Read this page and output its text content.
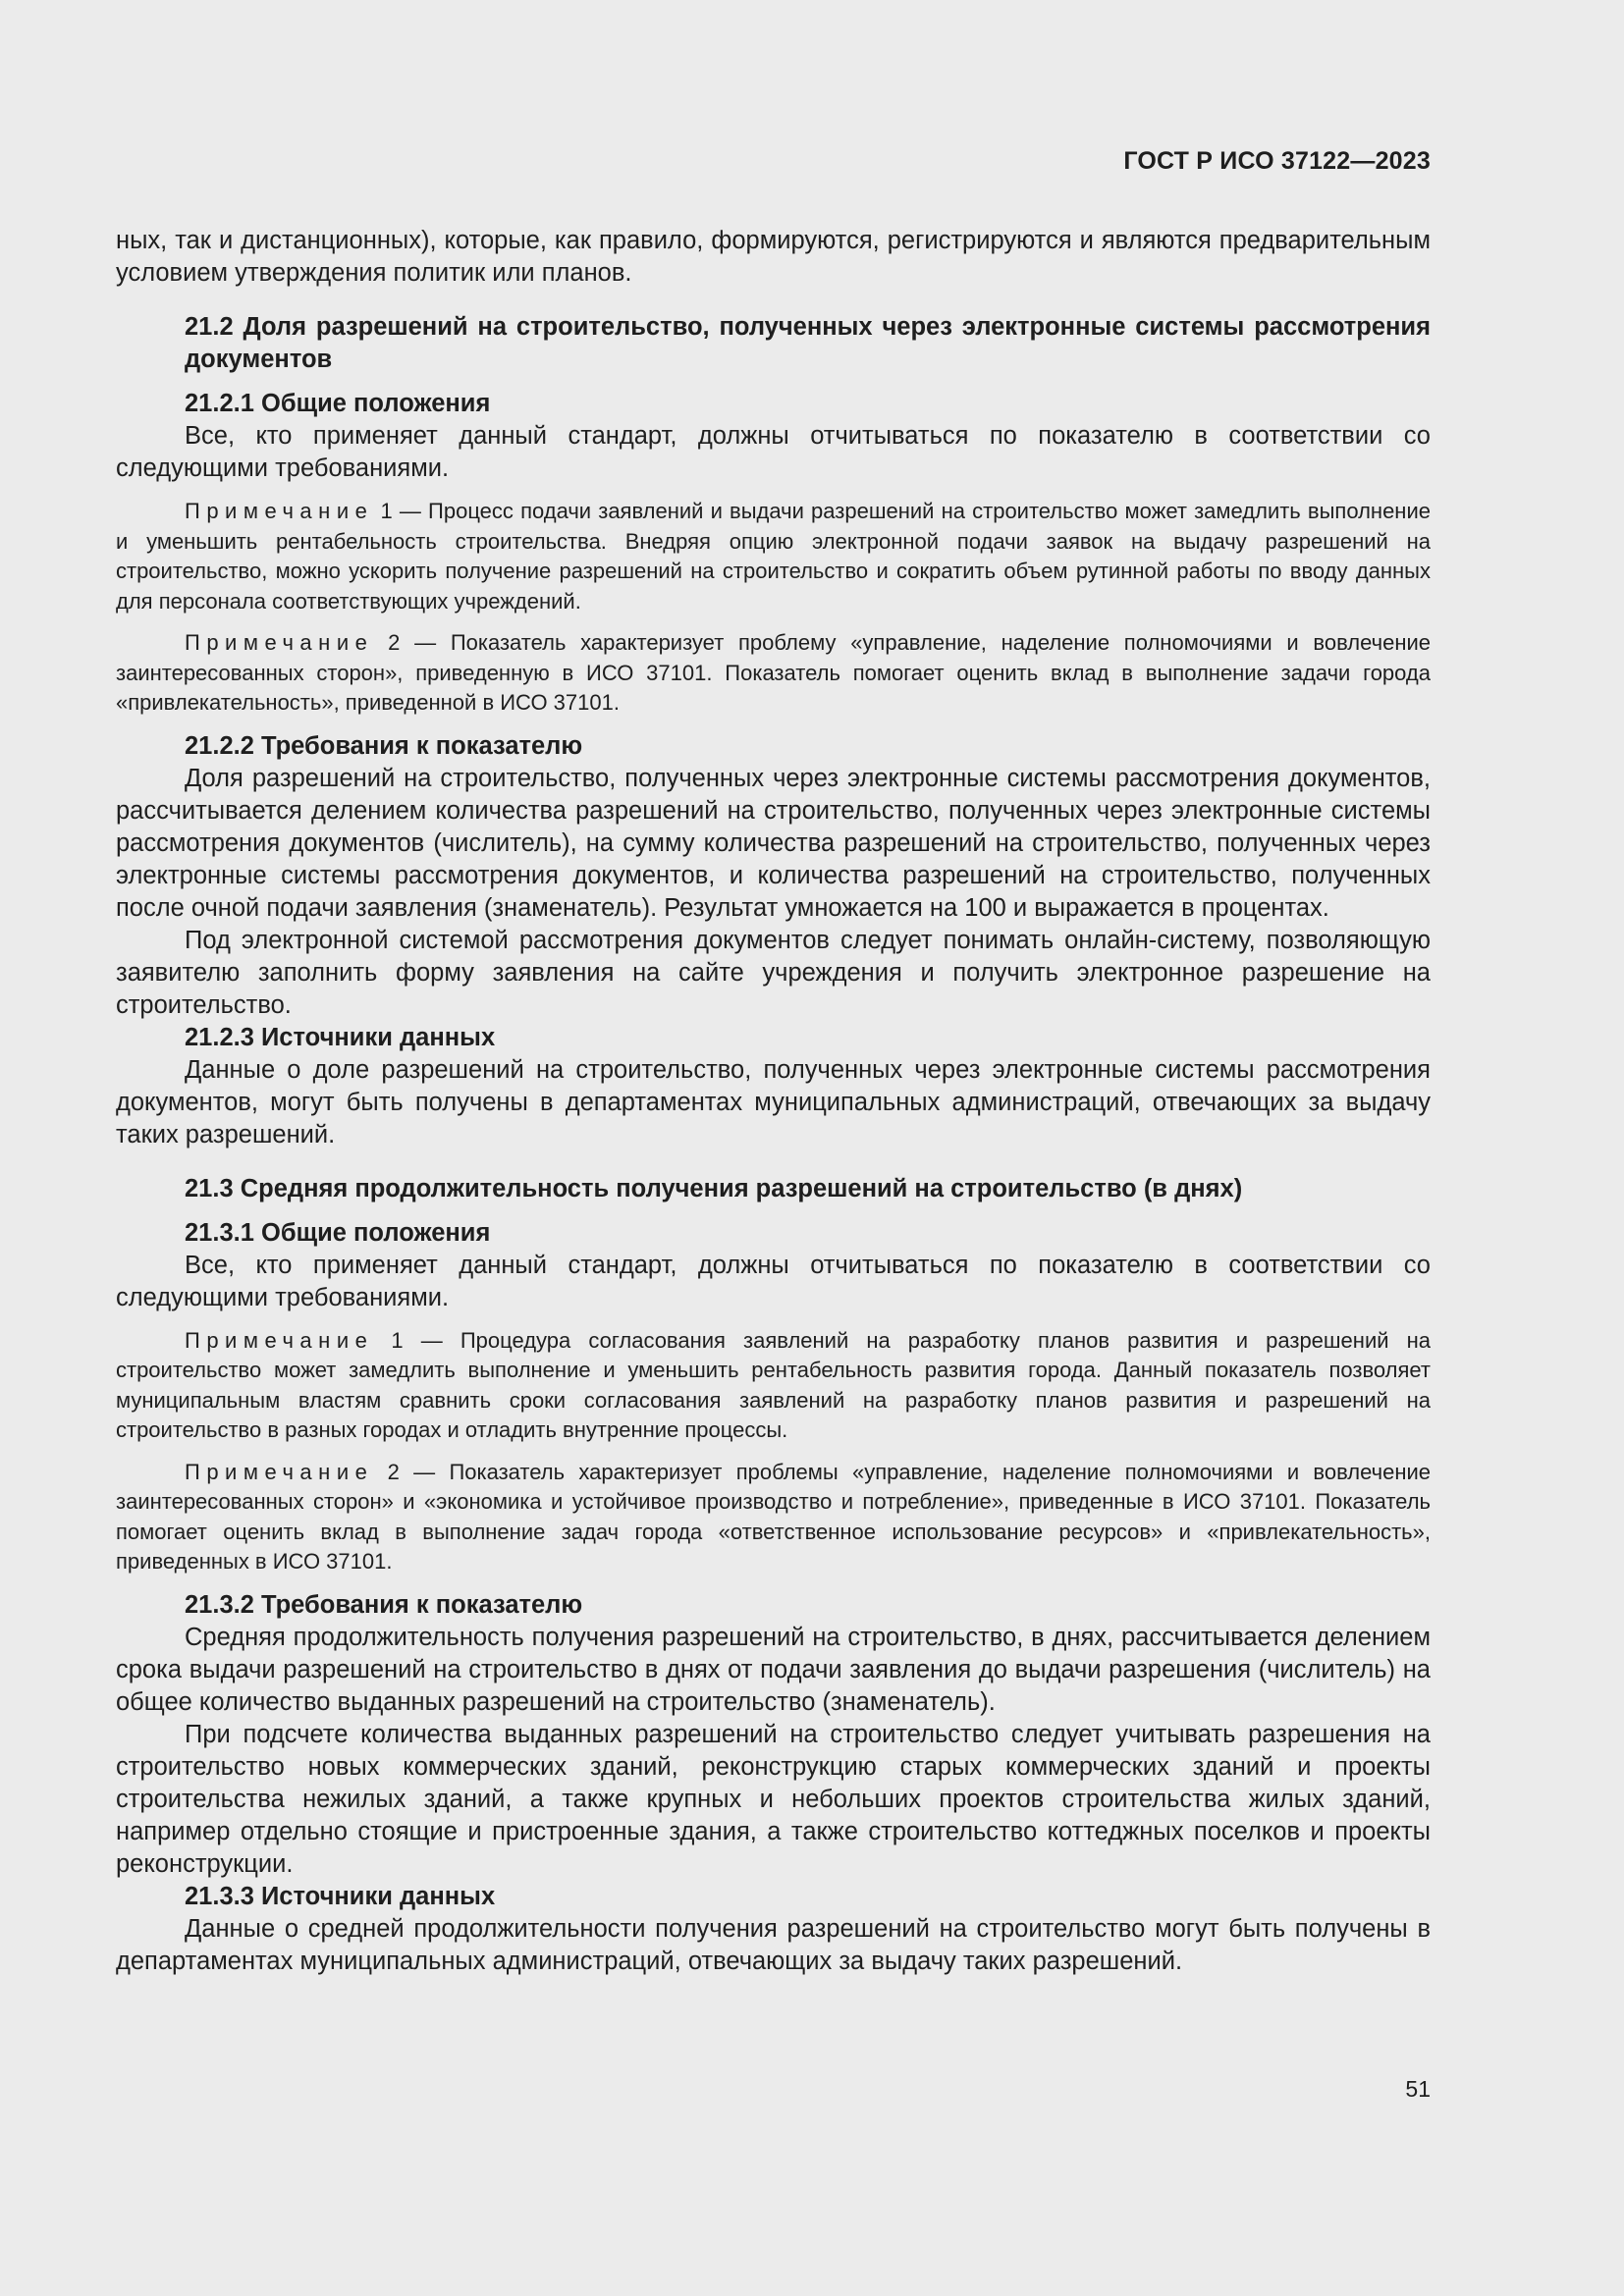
ГОСТ Р ИСО 37122—2023

ных, так и дистанционных), которые, как правило, формируются, регистрируются и являются предварительным условием утверждения политик или планов.

21.2 Доля разрешений на строительство, полученных через электронные системы рассмотрения документов

21.2.1 Общие положения

Все, кто применяет данный стандарт, должны отчитываться по показателю в соответствии со следующими требованиями.

Примечание 1 — Процесс подачи заявлений и выдачи разрешений на строительство может замедлить выполнение и уменьшить рентабельность строительства. Внедряя опцию электронной подачи заявок на выдачу разрешений на строительство, можно ускорить получение разрешений на строительство и сократить объем рутинной работы по вводу данных для персонала соответствующих учреждений.

Примечание 2 — Показатель характеризует проблему «управление, наделение полномочиями и вовлечение заинтересованных сторон», приведенную в ИСО 37101. Показатель помогает оценить вклад в выполнение задачи города «привлекательность», приведенной в ИСО 37101.

21.2.2 Требования к показателю

Доля разрешений на строительство, полученных через электронные системы рассмотрения документов, рассчитывается делением количества разрешений на строительство, полученных через электронные системы рассмотрения документов (числитель), на сумму количества разрешений на строительство, полученных через электронные системы рассмотрения документов, и количества разрешений на строительство, полученных после очной подачи заявления (знаменатель). Результат умножается на 100 и выражается в процентах.

Под электронной системой рассмотрения документов следует понимать онлайн-систему, позволяющую заявителю заполнить форму заявления на сайте учреждения и получить электронное разрешение на строительство.

21.2.3 Источники данных

Данные о доле разрешений на строительство, полученных через электронные системы рассмотрения документов, могут быть получены в департаментах муниципальных администраций, отвечающих за выдачу таких разрешений.

21.3 Средняя продолжительность получения разрешений на строительство (в днях)

21.3.1 Общие положения

Все, кто применяет данный стандарт, должны отчитываться по показателю в соответствии со следующими требованиями.

Примечание 1 — Процедура согласования заявлений на разработку планов развития и разрешений на строительство может замедлить выполнение и уменьшить рентабельность развития города. Данный показатель позволяет муниципальным властям сравнить сроки согласования заявлений на разработку планов развития и разрешений на строительство в разных городах и отладить внутренние процессы.

Примечание 2 — Показатель характеризует проблемы «управление, наделение полномочиями и вовлечение заинтересованных сторон» и «экономика и устойчивое производство и потребление», приведенные в ИСО 37101. Показатель помогает оценить вклад в выполнение задач города «ответственное использование ресурсов» и «привлекательность», приведенных в ИСО 37101.

21.3.2 Требования к показателю

Средняя продолжительность получения разрешений на строительство, в днях, рассчитывается делением срока выдачи разрешений на строительство в днях от подачи заявления до выдачи разрешения (числитель) на общее количество выданных разрешений на строительство (знаменатель).

При подсчете количества выданных разрешений на строительство следует учитывать разрешения на строительство новых коммерческих зданий, реконструкцию старых коммерческих зданий и проекты строительства нежилых зданий, а также крупных и небольших проектов строительства жилых зданий, например отдельно стоящие и пристроенные здания, а также строительство коттеджных поселков и проекты реконструкции.

21.3.3 Источники данных

Данные о средней продолжительности получения разрешений на строительство могут быть получены в департаментах муниципальных администраций, отвечающих за выдачу таких разрешений.

51
